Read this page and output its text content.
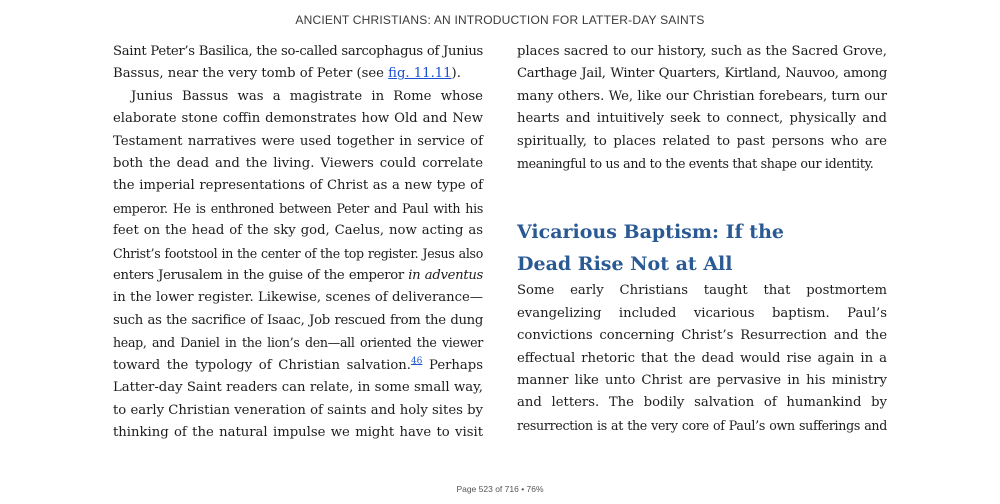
ANCIENT CHRISTIANS: AN INTRODUCTION FOR LATTER-DAY SAINTS

Saint Peter’s Basilica, the so-called sarcophagus of Junius
Bassus, near the very tomb of Peter (see fig. 11.11).

Junius Bassus was a magistrate in Rome whose
elaborate stone coffin demonstrates how Old and New
Testament narratives were used together in service of
both the dead and the living. Viewers could correlate
the imperial representations of Christ as a new type of
emperor. He is enthroned between Peter and Paul with his
feet on the head of the sky god, Caelus, now acting as
Christ’s footstool in the center of the top register. Jesus also
enters Jerusalem in the guise of the emperor in adventus
in the lower register. Likewise, scenes of deliverance—
such as the sacrifice of Isaac, Job rescued from the dung
heap, and Daniel in the lion’s den—all oriented the viewer
toward the typology of Christian salvation.$^{46}$ Perhaps
Latter-day Saint readers can relate, in some small way,
to early Christian veneration of saints and holy sites by
thinking of the natural impulse we might have to visit

places sacred to our history, such as the Sacred Grove,
Carthage Jail, Winter Quarters, Kirtland, Nauvoo, among
many others. We, like our Christian forebears, turn our
hearts and intuitively seek to connect, physically and
spiritually, to places related to past persons who are
meaningful to us and to the events that shape our identity.

Vicarious Baptism: If the
Dead Rise Not at All

Some early Christians taught that postmortem
evangelizing included vicarious baptism. Paul’s
convictions concerning Christ’s Resurrection and the
effectual rhetoric that the dead would rise again in a
manner like unto Christ are pervasive in his ministry
and letters. The bodily salvation of humankind by
resurrection is at the very core of Paul’s own sufferings and

Page 523 of 716 • 76%
